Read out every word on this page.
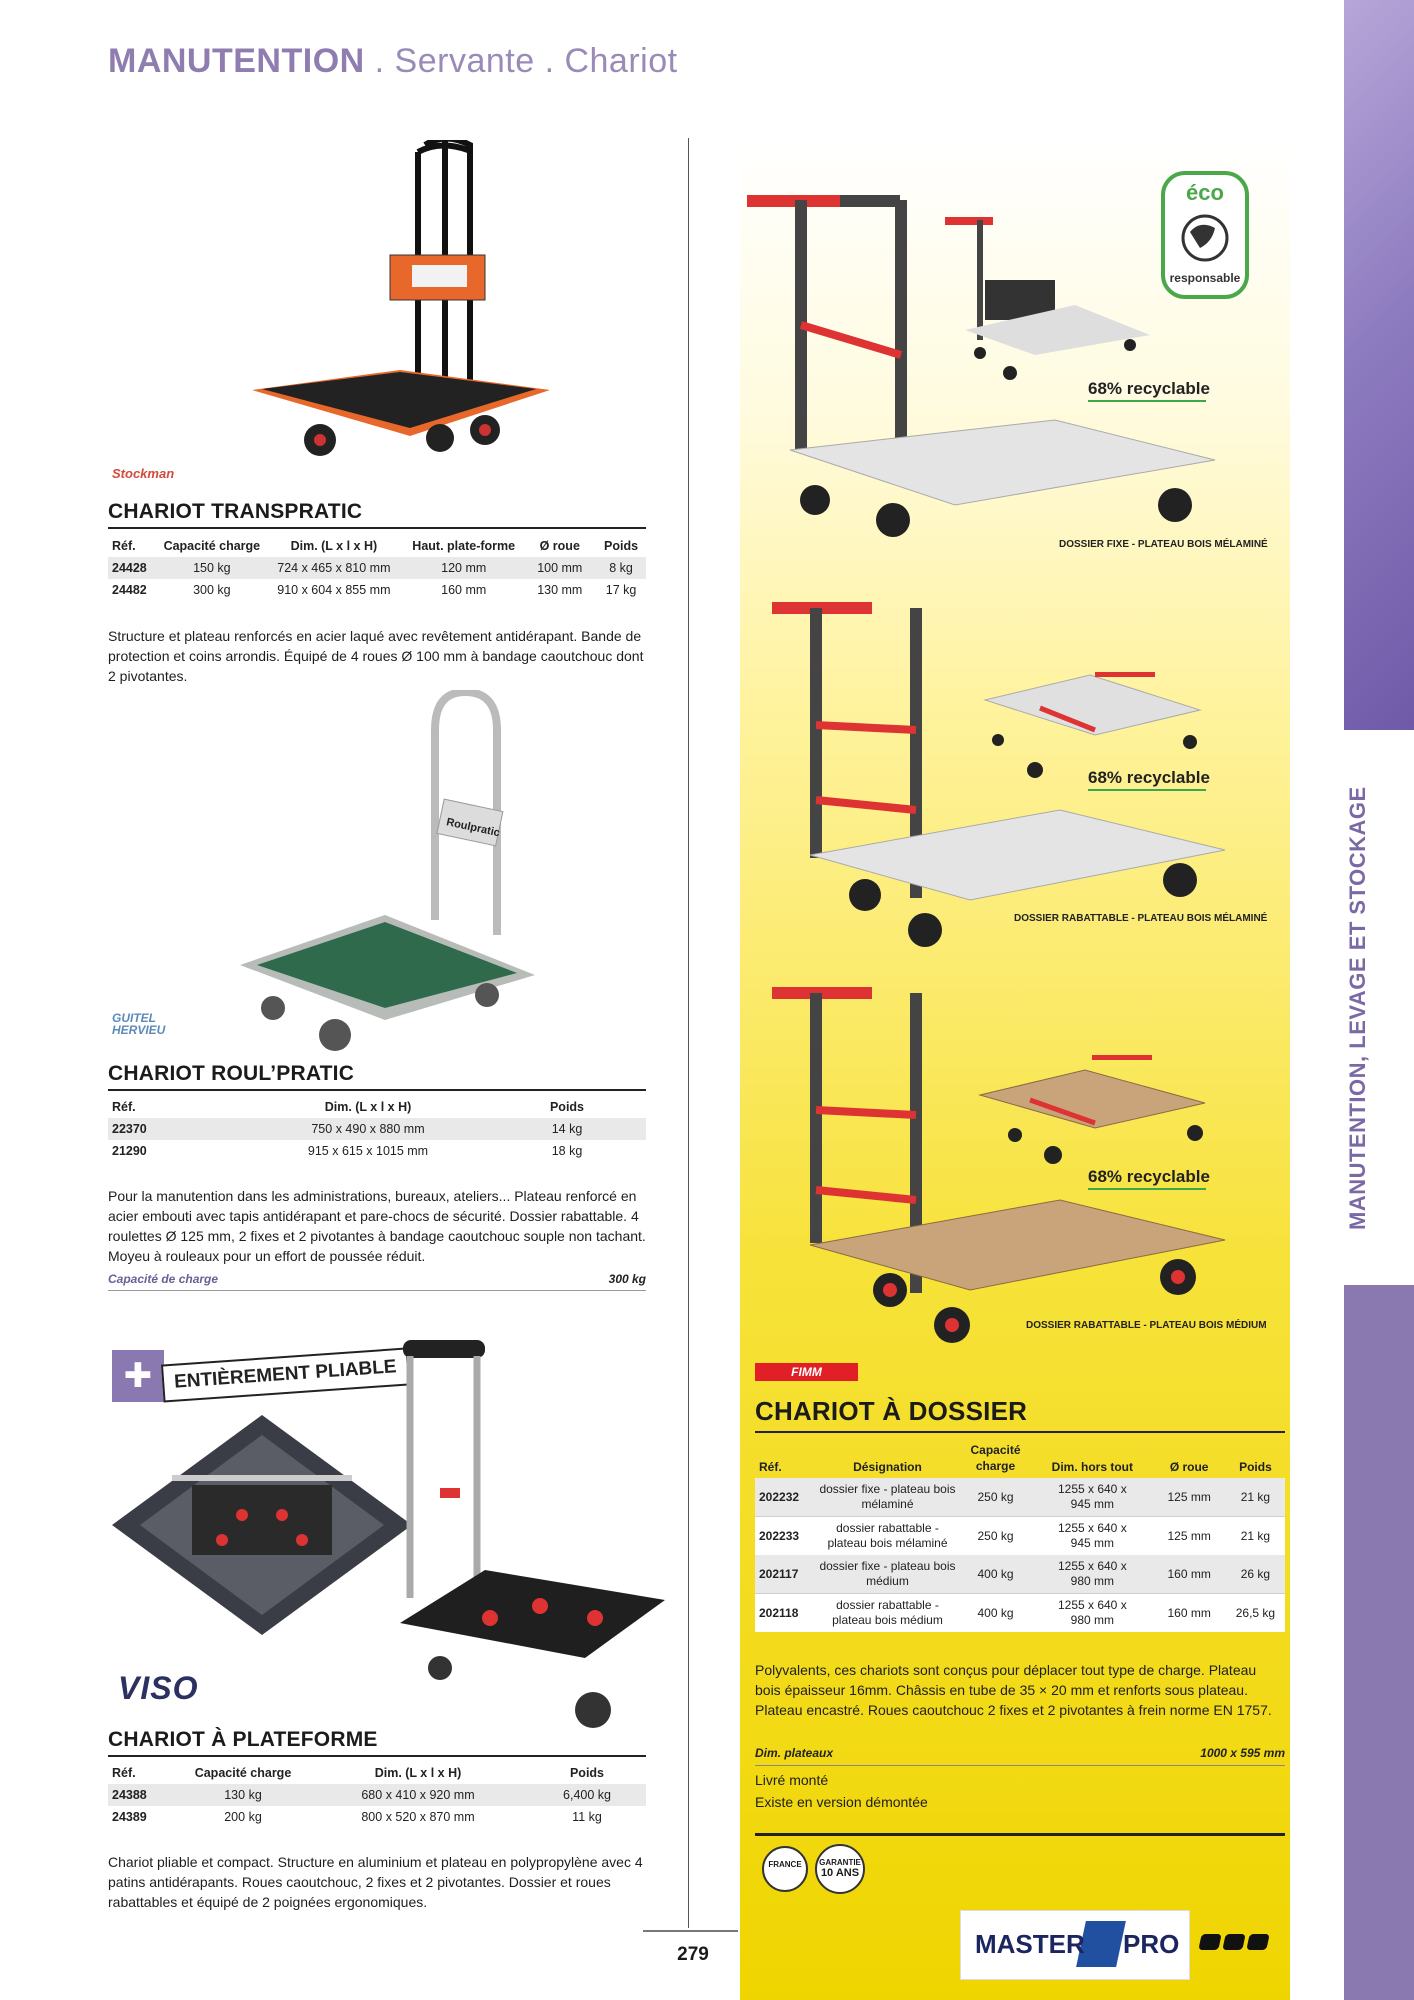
MANUTENTION . Servante . Chariot
MANUTENTION, LEVAGE ET STOCKAGE
Stockman
CHARIOT TRANSPRATIC
Réf.	Capacité charge	Dim. (L x l x H)	Haut. plate-forme	Ø roue	Poids
24428	150 kg	724 x 465 x 810 mm	120 mm	100 mm	8 kg
24482	300 kg	910 x 604 x 855 mm	160 mm	130 mm	17 kg
Structure et plateau renforcés en acier laqué avec revêtement antidérapant. Bande de protection et coins arrondis. Équipé de 4 roues Ø 100 mm à bandage caoutchouc dont 2 pivotantes.
Roulpratic
GUITEL
HERVIEU
CHARIOT ROUL’PRATIC
Réf.	Dim. (L x l x H)	Poids
22370	750 x 490 x 880 mm	14 kg
21290	915 x 615 x 1015 mm	18 kg
Pour la manutention dans les administrations, bureaux, ateliers... Plateau renforcé en acier embouti avec tapis antidérapant et pare-chocs de sécurité. Dossier rabattable. 4 roulettes Ø 125 mm, 2 fixes et 2 pivotantes à bandage caoutchouc souple non tachant. Moyeu à rouleaux pour un effort de poussée réduit.
Capacité de charge	300 kg
✚	ENTIÈREMENT PLIABLE
VISO
CHARIOT À PLATEFORME
Réf.	Capacité charge	Dim. (L x l x H)	Poids
24388	130 kg	680 x 410 x 920 mm	6,400 kg
24389	200 kg	800 x 520 x 870 mm	11 kg
Chariot pliable et compact. Structure en aluminium et plateau en polypropylène avec 4 patins antidérapants. Roues caoutchouc, 2 fixes et 2 pivotantes. Dossier et roues rabattables et équipé de 2 poignées ergonomiques.
279
éco
responsable
68% recyclable
DOSSIER FIXE - PLATEAU BOIS MÉLAMINÉ
68% recyclable
DOSSIER RABATTABLE - PLATEAU BOIS MÉLAMINÉ
68% recyclable
DOSSIER RABATTABLE - PLATEAU BOIS MÉDIUM
FIMM
CHARIOT À DOSSIER
Réf.	Désignation	Capacité charge	Dim. hors tout	Ø roue	Poids
202232	dossier fixe - plateau bois mélaminé	250 kg	1255 x 640 x 945 mm	125 mm	21 kg
202233	dossier rabattable - plateau bois mélaminé	250 kg	1255 x 640 x 945 mm	125 mm	21 kg
202117	dossier fixe - plateau bois médium	400 kg	1255 x 640 x 980 mm	160 mm	26 kg
202118	dossier rabattable - plateau bois médium	400 kg	1255 x 640 x 980 mm	160 mm	26,5 kg
Polyvalents, ces chariots sont conçus pour déplacer tout type de charge. Plateau bois épaisseur 16mm. Châssis en tube de 35 × 20 mm et renforts sous plateau. Plateau encastré. Roues caoutchouc 2 fixes et 2 pivotantes à frein norme EN 1757.
Dim. plateaux	1000 x 595 mm
Livré monté
Existe en version démontée
FRANCE	GARANTIE
10 ANS
MASTER PRO
